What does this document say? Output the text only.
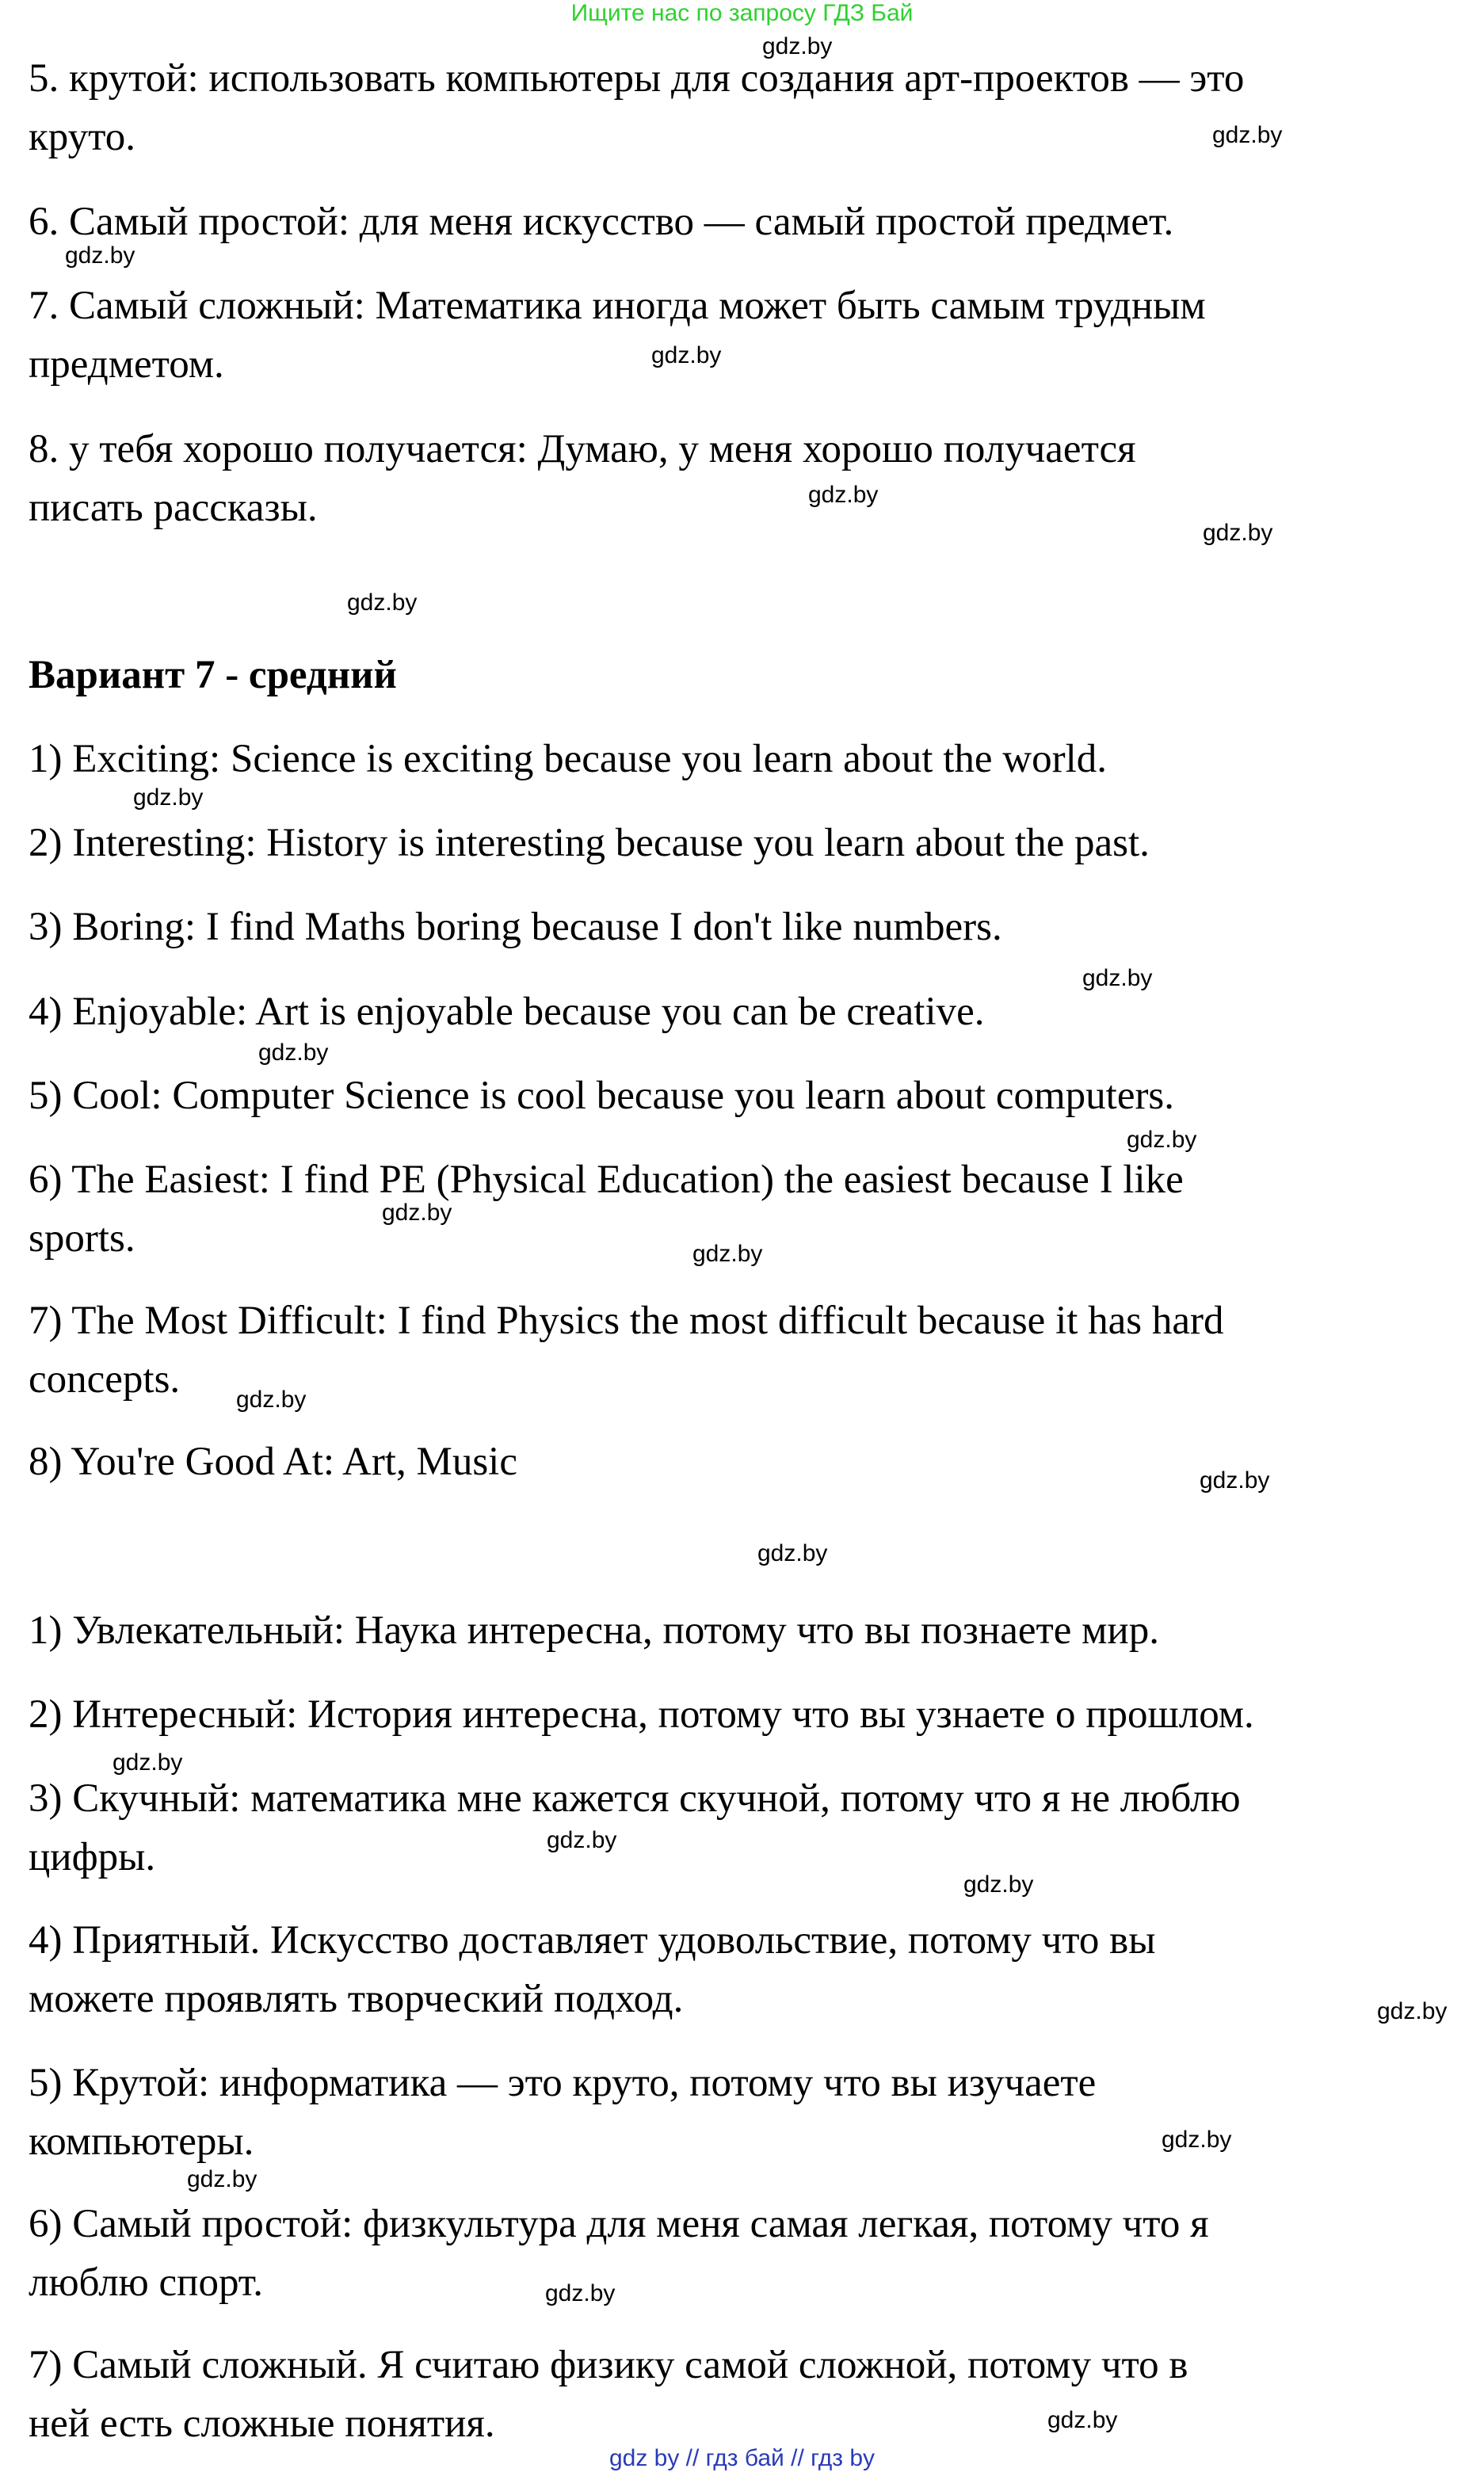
Ищите нас по запросу ГДЗ Бай
5. крутой: использовать компьютеры для создания арт-проектов — это
круто.
6. Самый простой: для меня искусство — самый простой предмет.
7. Самый сложный: Математика иногда может быть самым трудным
предметом.
8. у тебя хорошо получается: Думаю, у меня хорошо получается
писать рассказы.
Вариант 7 - средний
1) Exciting: Science is exciting because you learn about the world.
2) Interesting: History is interesting because you learn about the past.
3) Boring: I find Maths boring because I don't like numbers.
4) Enjoyable: Art is enjoyable because you can be creative.
5) Cool: Computer Science is cool because you learn about computers.
6) The Easiest: I find PE (Physical Education) the easiest because I like
sports.
7) The Most Difficult: I find Physics the most difficult because it has hard
concepts.
8) You're Good At: Art, Music
1) Увлекательный: Наука интересна, потому что вы познаете мир.
2) Интересный: История интересна, потому что вы узнаете о прошлом.
3) Скучный: математика мне кажется скучной, потому что я не люблю
цифры.
4) Приятный. Искусство доставляет удовольствие, потому что вы
можете проявлять творческий подход.
5) Крутой: информатика — это круто, потому что вы изучаете
компьютеры.
6) Самый простой: физкультура для меня самая легкая, потому что я
люблю спорт.
7) Самый сложный. Я считаю физику самой сложной, потому что в
ней есть сложные понятия.
gdz.by
gdz.by
gdz.by
gdz.by
gdz.by
gdz.by
gdz.by
gdz.by
gdz.by
gdz.by
gdz.by
gdz.by
gdz.by
gdz.by
gdz.by
gdz.by
gdz.by
gdz.by
gdz.by
gdz.by
gdz.by
gdz.by
gdz.by
gdz.by
gdz by // гдз бай // гдз by
